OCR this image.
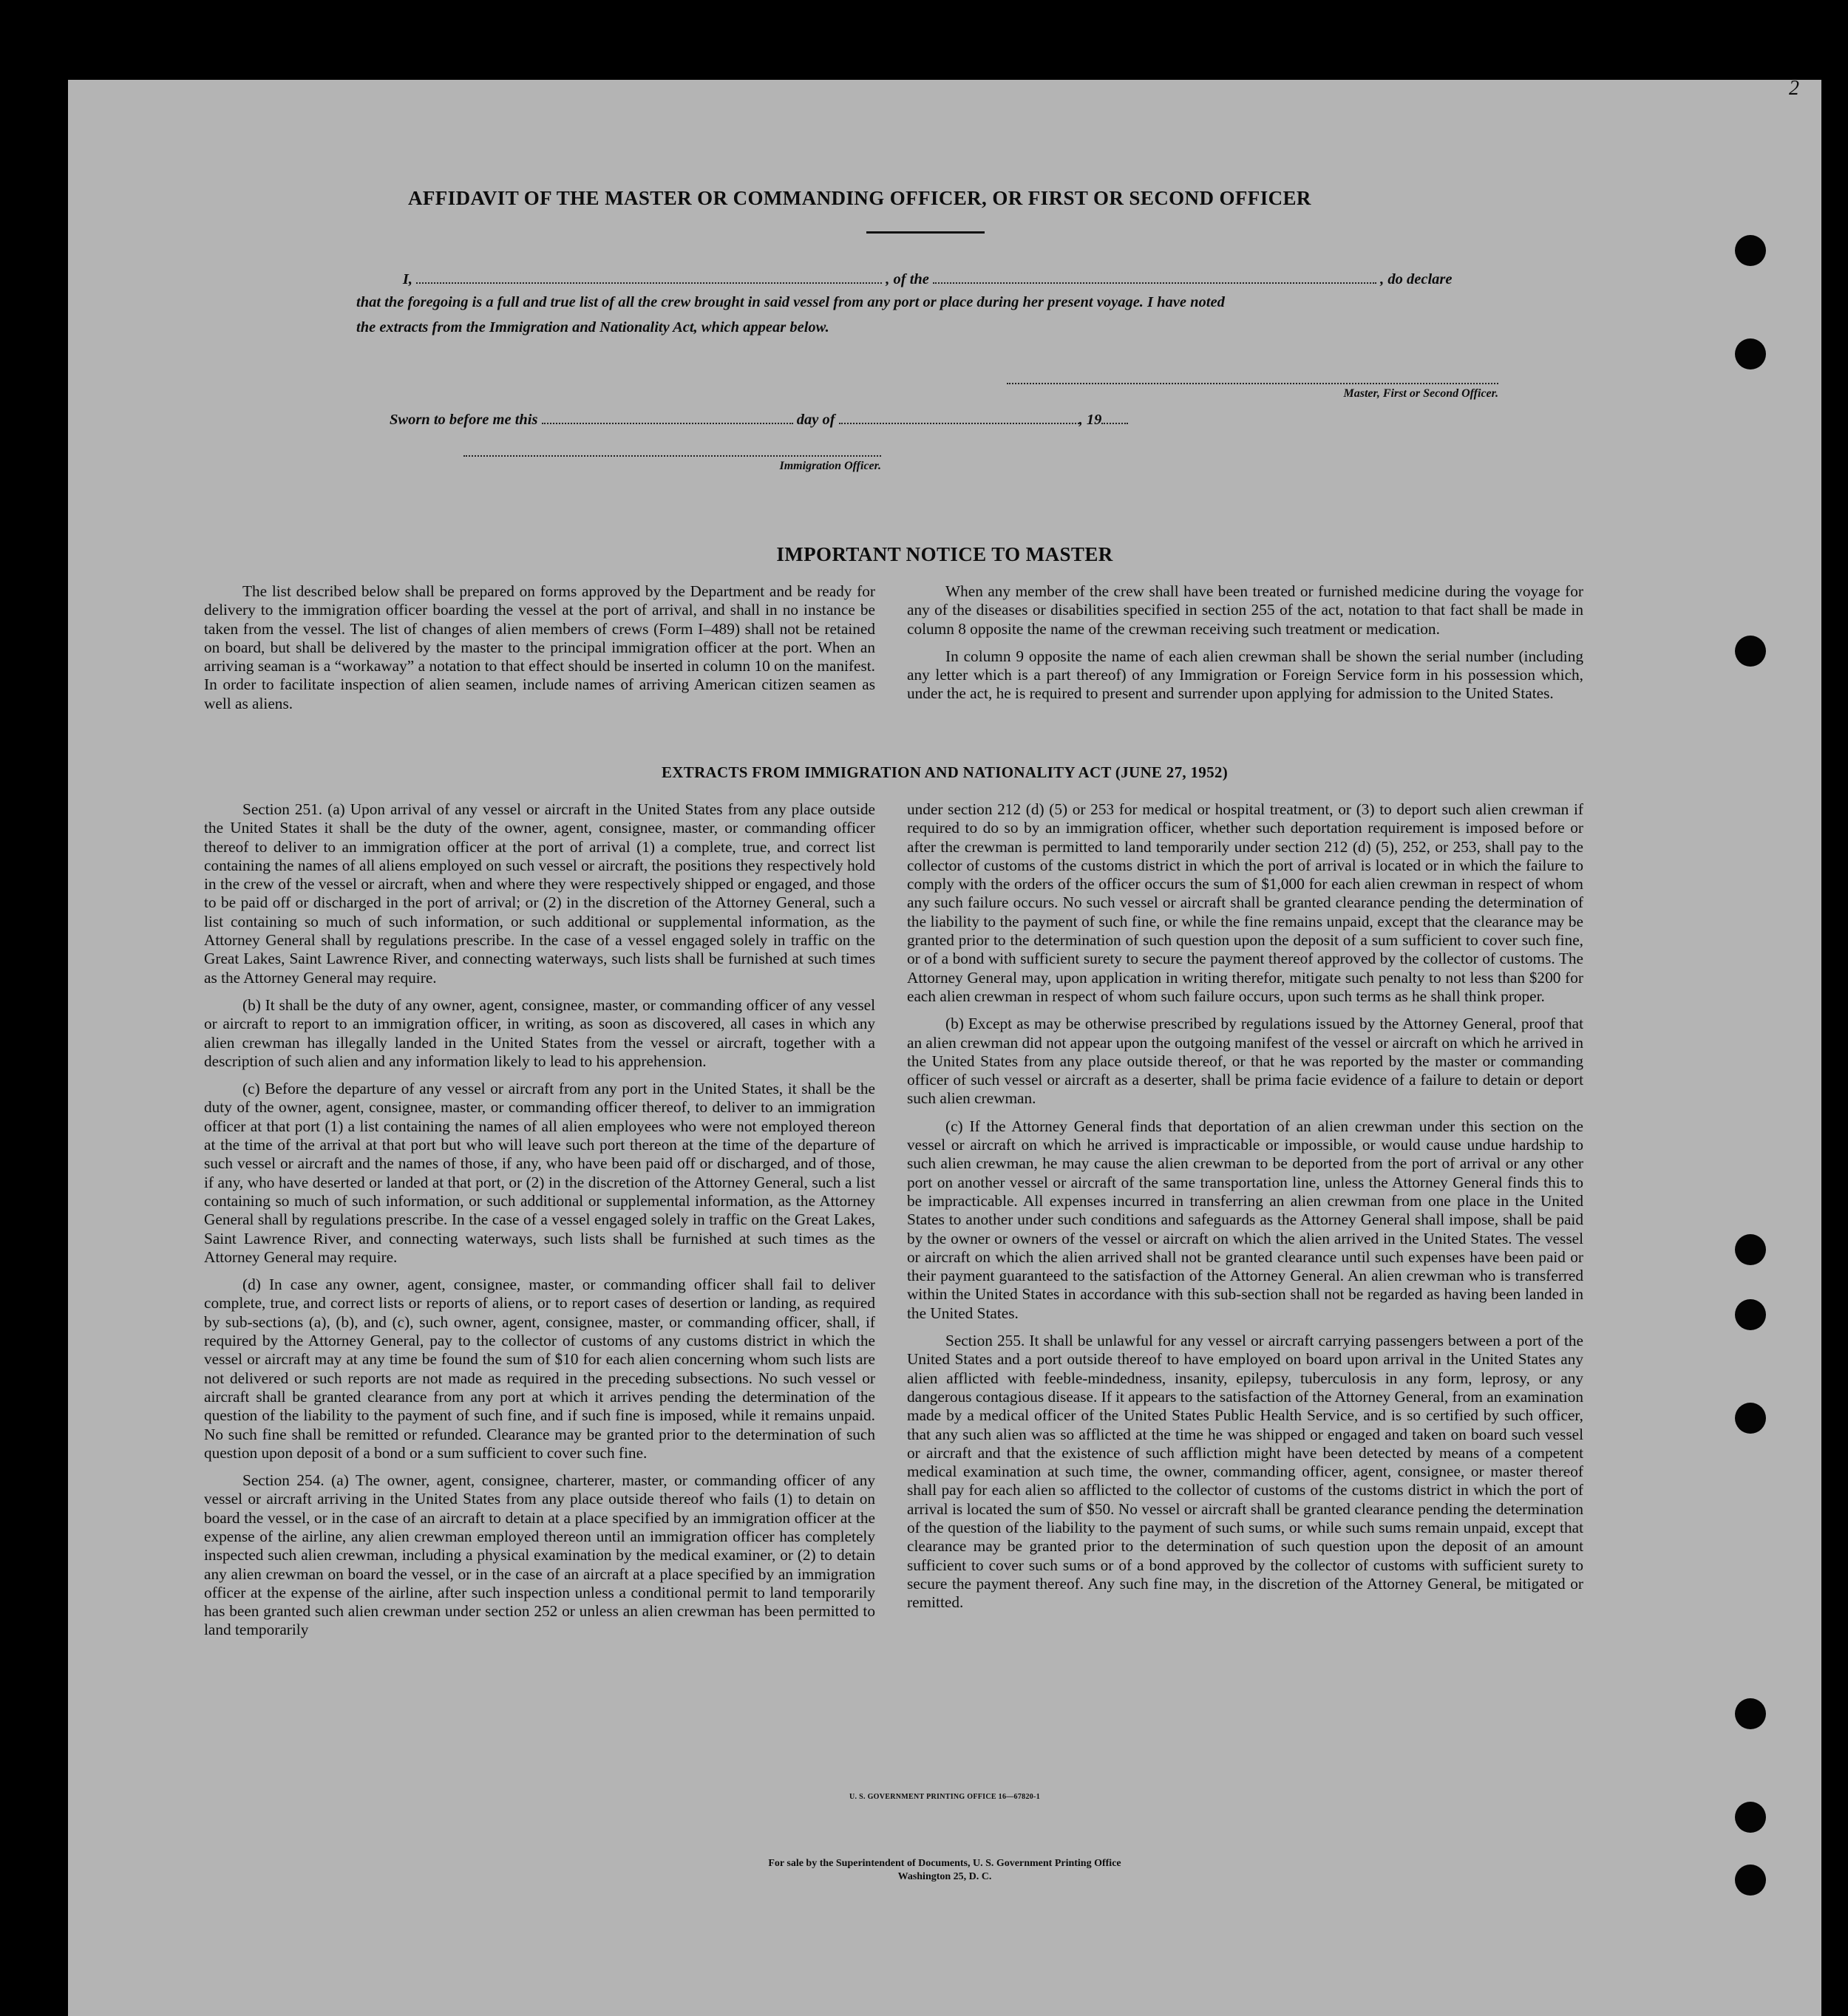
2
AFFIDAVIT OF THE MASTER OR COMMANDING OFFICER, OR FIRST OR SECOND OFFICER
I,	, of the	, do declare
that the foregoing is a full and true list of all the crew brought in said vessel from any port or place during her present voyage. I have noted
the extracts from the Immigration and Nationality Act, which appear below.
Master, First or Second Officer.
Sworn to before me this	day of	, 19
Immigration Officer.
IMPORTANT NOTICE TO MASTER

The list described below shall be prepared on forms approved by the Department and be ready for delivery to the immigration officer boarding the vessel at the port of arrival, and shall in no instance be taken from the vessel. The list of changes of alien members of crews (Form I–489) shall not be retained on board, but shall be delivered by the master to the principal immigration officer at the port. When an arriving seaman is a “workaway” a notation to that effect should be inserted in column 10 on the manifest. In order to facilitate inspection of alien seamen, include names of arriving American citizen seamen as well as aliens.

When any member of the crew shall have been treated or furnished medicine during the voyage for any of the diseases or disabilities specified in section 255 of the act, notation to that fact shall be made in column 8 opposite the name of the crewman receiving such treatment or medication.

In column 9 opposite the name of each alien crewman shall be shown the serial number (including any letter which is a part thereof) of any Immigration or Foreign Service form in his possession which, under the act, he is required to present and surrender upon applying for admission to the United States.

EXTRACTS FROM IMMIGRATION AND NATIONALITY ACT (JUNE 27, 1952)

Section 251. (a) Upon arrival of any vessel or aircraft in the United States from any place outside the United States it shall be the duty of the owner, agent, consignee, master, or commanding officer thereof to deliver to an immigration officer at the port of arrival (1) a complete, true, and correct list containing the names of all aliens employed on such vessel or aircraft, the positions they respectively hold in the crew of the vessel or aircraft, when and where they were respectively shipped or engaged, and those to be paid off or discharged in the port of arrival; or (2) in the discretion of the Attorney General, such a list containing so much of such information, or such additional or supplemental information, as the Attorney General shall by regulations prescribe. In the case of a vessel engaged solely in traffic on the Great Lakes, Saint Lawrence River, and connecting waterways, such lists shall be furnished at such times as the Attorney General may require.

(b) It shall be the duty of any owner, agent, consignee, master, or commanding officer of any vessel or aircraft to report to an immigration officer, in writing, as soon as discovered, all cases in which any alien crewman has illegally landed in the United States from the vessel or aircraft, together with a description of such alien and any information likely to lead to his apprehension.

(c) Before the departure of any vessel or aircraft from any port in the United States, it shall be the duty of the owner, agent, consignee, master, or commanding officer thereof, to deliver to an immigration officer at that port (1) a list containing the names of all alien employees who were not employed thereon at the time of the arrival at that port but who will leave such port thereon at the time of the departure of such vessel or aircraft and the names of those, if any, who have been paid off or discharged, and of those, if any, who have deserted or landed at that port, or (2) in the discretion of the Attorney General, such a list containing so much of such information, or such additional or supplemental information, as the Attorney General shall by regulations prescribe. In the case of a vessel engaged solely in traffic on the Great Lakes, Saint Lawrence River, and connecting waterways, such lists shall be furnished at such times as the Attorney General may require.

(d) In case any owner, agent, consignee, master, or commanding officer shall fail to deliver complete, true, and correct lists or reports of aliens, or to report cases of desertion or landing, as required by sub-sections (a), (b), and (c), such owner, agent, consignee, master, or commanding officer, shall, if required by the Attorney General, pay to the collector of customs of any customs district in which the vessel or aircraft may at any time be found the sum of $10 for each alien concerning whom such lists are not delivered or such reports are not made as required in the preceding subsections. No such vessel or aircraft shall be granted clearance from any port at which it arrives pending the determination of the question of the liability to the payment of such fine, and if such fine is imposed, while it remains unpaid. No such fine shall be remitted or refunded. Clearance may be granted prior to the determination of such question upon deposit of a bond or a sum sufficient to cover such fine.

Section 254. (a) The owner, agent, consignee, charterer, master, or commanding officer of any vessel or aircraft arriving in the United States from any place outside thereof who fails (1) to detain on board the vessel, or in the case of an aircraft to detain at a place specified by an immigration officer at the expense of the airline, any alien crewman employed thereon until an immigration officer has completely inspected such alien crewman, including a physical examination by the medical examiner, or (2) to detain any alien crewman on board the vessel, or in the case of an aircraft at a place specified by an immigration officer at the expense of the airline, after such inspection unless a conditional permit to land temporarily has been granted such alien crewman under section 252 or unless an alien crewman has been permitted to land temporarily

under section 212 (d) (5) or 253 for medical or hospital treatment, or (3) to deport such alien crewman if required to do so by an immigration officer, whether such deportation requirement is imposed before or after the crewman is permitted to land temporarily under section 212 (d) (5), 252, or 253, shall pay to the collector of customs of the customs district in which the port of arrival is located or in which the failure to comply with the orders of the officer occurs the sum of $1,000 for each alien crewman in respect of whom any such failure occurs. No such vessel or aircraft shall be granted clearance pending the determination of the liability to the payment of such fine, or while the fine remains unpaid, except that the clearance may be granted prior to the determination of such question upon the deposit of a sum sufficient to cover such fine, or of a bond with sufficient surety to secure the payment thereof approved by the collector of customs. The Attorney General may, upon application in writing therefor, mitigate such penalty to not less than $200 for each alien crewman in respect of whom such failure occurs, upon such terms as he shall think proper.

(b) Except as may be otherwise prescribed by regulations issued by the Attorney General, proof that an alien crewman did not appear upon the outgoing manifest of the vessel or aircraft on which he arrived in the United States from any place outside thereof, or that he was reported by the master or commanding officer of such vessel or aircraft as a deserter, shall be prima facie evidence of a failure to detain or deport such alien crewman.

(c) If the Attorney General finds that deportation of an alien crewman under this section on the vessel or aircraft on which he arrived is impracticable or impossible, or would cause undue hardship to such alien crewman, he may cause the alien crewman to be deported from the port of arrival or any other port on another vessel or aircraft of the same transportation line, unless the Attorney General finds this to be impracticable. All expenses incurred in transferring an alien crewman from one place in the United States to another under such conditions and safeguards as the Attorney General shall impose, shall be paid by the owner or owners of the vessel or aircraft on which the alien arrived in the United States. The vessel or aircraft on which the alien arrived shall not be granted clearance until such expenses have been paid or their payment guaranteed to the satisfaction of the Attorney General. An alien crewman who is transferred within the United States in accordance with this sub-section shall not be regarded as having been landed in the United States.

Section 255. It shall be unlawful for any vessel or aircraft carrying passengers between a port of the United States and a port outside thereof to have employed on board upon arrival in the United States any alien afflicted with feeble-mindedness, insanity, epilepsy, tuberculosis in any form, leprosy, or any dangerous contagious disease. If it appears to the satisfaction of the Attorney General, from an examination made by a medical officer of the United States Public Health Service, and is so certified by such officer, that any such alien was so afflicted at the time he was shipped or engaged and taken on board such vessel or aircraft and that the existence of such affliction might have been detected by means of a competent medical examination at such time, the owner, commanding officer, agent, consignee, or master thereof shall pay for each alien so afflicted to the collector of customs of the customs district in which the port of arrival is located the sum of $50. No vessel or aircraft shall be granted clearance pending the determination of the question of the liability to the payment of such sums, or while such sums remain unpaid, except that clearance may be granted prior to the determination of such question upon the deposit of an amount sufficient to cover such sums or of a bond approved by the collector of customs with sufficient surety to secure the payment thereof. Any such fine may, in the discretion of the Attorney General, be mitigated or remitted.

U. S. GOVERNMENT PRINTING OFFICE 16—67820-1
For sale by the Superintendent of Documents, U. S. Government Printing Office
Washington 25, D. C.
